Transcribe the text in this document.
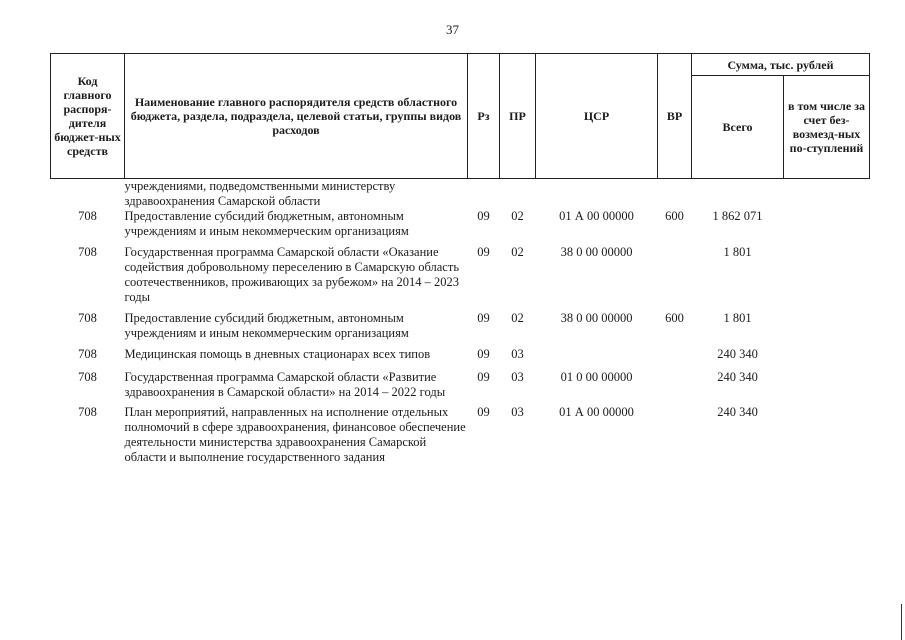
37
Код главного распоря-дителя бюджет-ных средств	Наименование главного распорядителя средств областного бюджета, раздела, подраздела, целевой статьи, группы видов расходов	Рз	ПР	ЦСР	ВР	Сумма, тыс. рублей	
						Всего	в том числе за счет без-возмезд-ных по-ступлений
	учреждениями, подведомственными министерству здравоохранения Самарской области						
708	Предоставление субсидий бюджетным, автономным учреждениям и иным некоммерческим организациям	09	02	01 А 00 00000	600	1 862 071	
708	Государственная программа Самарской области «Оказание содействия добровольному переселению в Самарскую область соотечественников, проживающих за рубежом» на 2014 – 2023 годы	09	02	38 0 00 00000		1 801	
708	Предоставление субсидий бюджетным, автономным учреждениям и иным некоммерческим организациям	09	02	38 0 00 00000	600	1 801	
708	Медицинская помощь в дневных стационарах всех типов	09	03			240 340	
708	Государственная программа Самарской области «Развитие здравоохранения в Самарской области» на 2014 – 2022 годы	09	03	01 0 00 00000		240 340	
708	План мероприятий, направленных на исполнение отдельных полномочий в сфере здравоохранения, финансовое обеспечение деятельности министерства здравоохранения Самарской области и выполнение государственного задания	09	03	01 А 00 00000		240 340	
